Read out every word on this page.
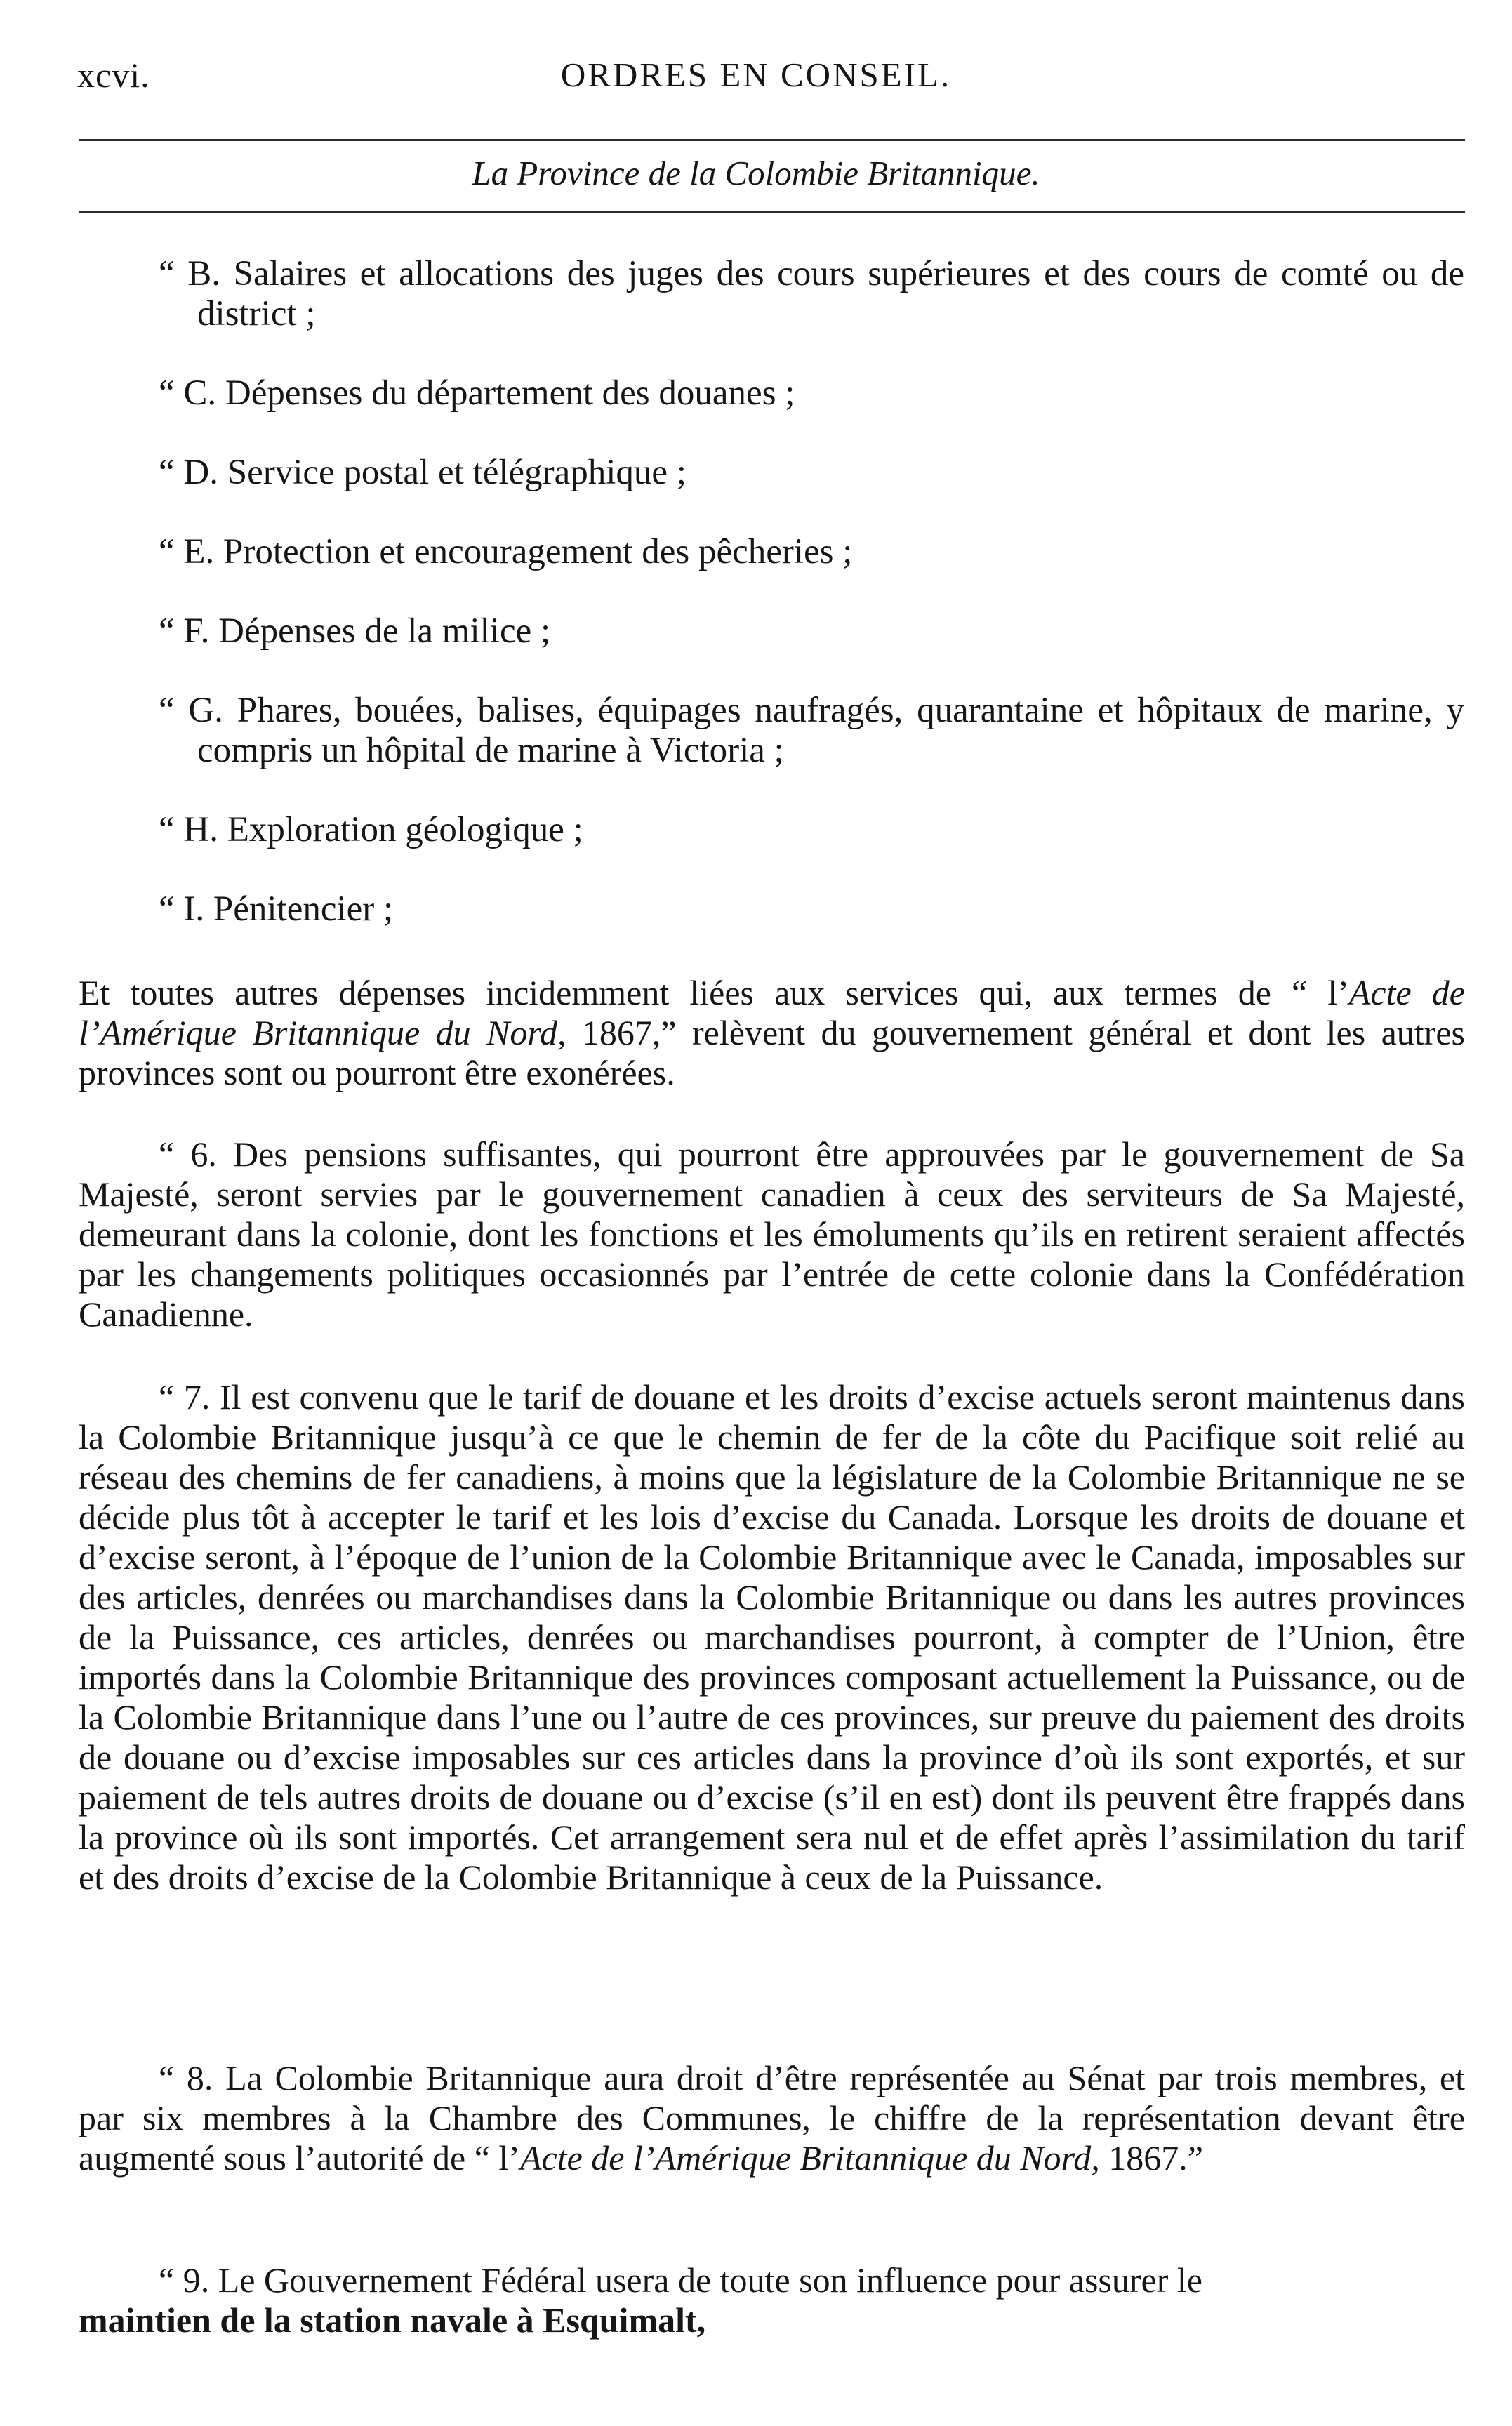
xcvi.	ORDRES EN CONSEIL.
La Province de la Colombie Britannique.
“ B. Salaires et allocations des juges des cours supérieures et des cours de comté ou de district ;
“ C. Dépenses du département des douanes ;
“ D. Service postal et télégraphique ;
“ E. Protection et encouragement des pêcheries ;
“ F. Dépenses de la milice ;
“ G. Phares, bouées, balises, équipages naufragés, quarantaine et hôpitaux de marine, y compris un hôpital de marine à Victoria ;
“ H. Exploration géologique ;
“ I. Pénitencier ;

Et toutes autres dépenses incidemment liées aux services qui, aux termes de “ l’Acte de l’Amérique Britannique du Nord, 1867,” relèvent du gouvernement général et dont les autres provinces sont ou pourront être exonérées.

“ 6. Des pensions suffisantes, qui pourront être approuvées par le gouvernement de Sa Majesté, seront servies par le gouvernement canadien à ceux des serviteurs de Sa Majesté, demeurant dans la colonie, dont les fonctions et les émoluments qu’ils en retirent seraient affectés par les changements politiques occasionnés par l’entrée de cette colonie dans la Confédération Canadienne.

“ 7. Il est convenu que le tarif de douane et les droits d’excise actuels seront maintenus dans la Colombie Britannique jusqu’à ce que le chemin de fer de la côte du Pacifique soit relié au réseau des chemins de fer canadiens, à moins que la législature de la Colombie Britannique ne se décide plus tôt à accepter le tarif et les lois d’excise du Canada. Lorsque les droits de douane et d’excise seront, à l’époque de l’union de la Colombie Britannique avec le Canada, imposables sur des articles, denrées ou marchandises dans la Colombie Britannique ou dans les autres provinces de la Puissance, ces articles, denrées ou marchandises pourront, à compter de l’Union, être importés dans la Colombie Britannique des provinces composant actuellement la Puissance, ou de la Colombie Britannique dans l’une ou l’autre de ces provinces, sur preuve du paiement des droits de douane ou d’excise imposables sur ces articles dans la province d’où ils sont exportés, et sur paiement de tels autres droits de douane ou d’excise (s’il en est) dont ils peuvent être frappés dans la province où ils sont importés. Cet arrangement sera nul et de effet après l’assimilation du tarif et des droits d’excise de la Colombie Britannique à ceux de la Puissance.

“ 8. La Colombie Britannique aura droit d’être représentée au Sénat par trois membres, et par six membres à la Chambre des Communes, le chiffre de la représentation devant être augmenté sous l’autorité de “ l’Acte de l’Amérique Britannique du Nord, 1867.”

“ 9. Le Gouvernement Fédéral usera de toute son influence pour assurer le

maintien de la station navale à Esquimalt,
